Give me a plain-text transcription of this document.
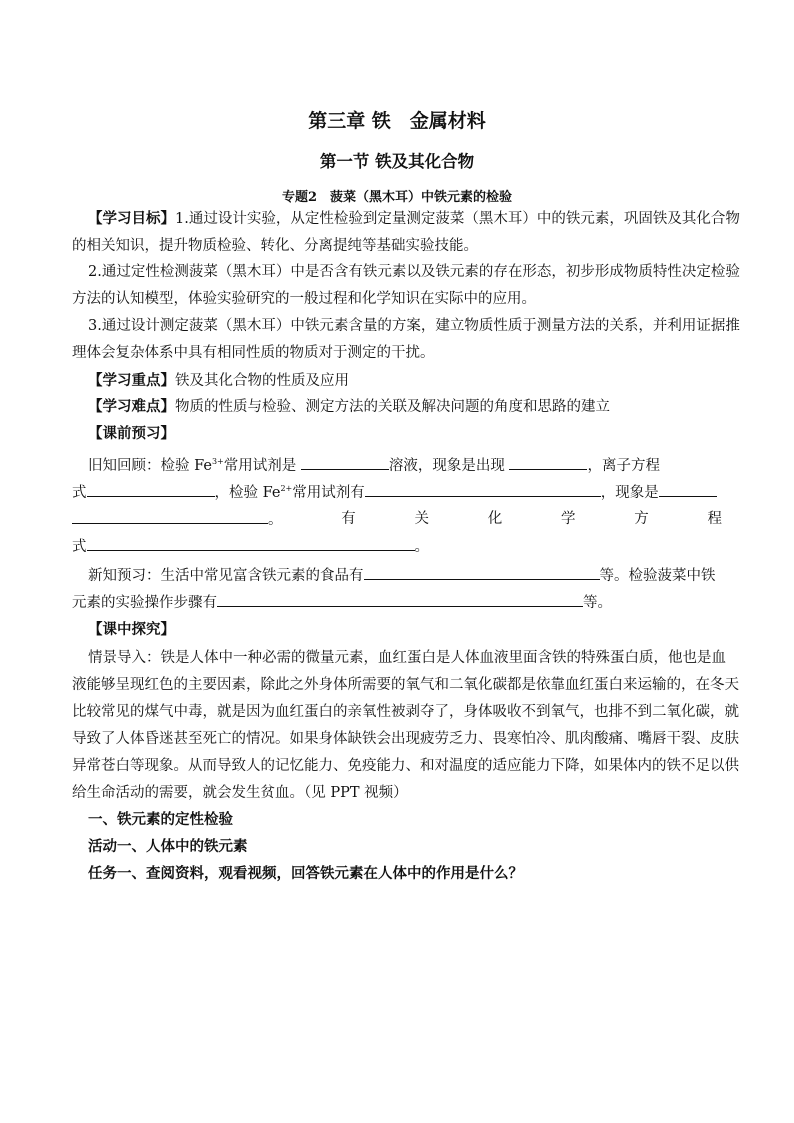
第三章 铁　金属材料
第一节 铁及其化合物
专题2　菠菜（黑木耳）中铁元素的检验
【学习目标】1.通过设计实验，从定性检验到定量测定菠菜（黑木耳）中的铁元素，巩固铁及其化合物
的相关知识，提升物质检验、转化、分离提纯等基础实验技能。
2.通过定性检测菠菜（黑木耳）中是否含有铁元素以及铁元素的存在形态，初步形成物质特性决定检验
方法的认知模型，体验实验研究的一般过程和化学知识在实际中的应用。
3.通过设计测定菠菜（黑木耳）中铁元素含量的方案，建立物质性质于测量方法的关系，并利用证据推
理体会复杂体系中具有相同性质的物质对于测定的干扰。
【学习重点】铁及其化合物的性质及应用
【学习难点】物质的性质与检验、测定方法的关联及解决问题的角度和思路的建立
【课前预习】
旧知回顾：检验 $Fe^{3+}$常用试剂是	溶液，现象是出现	，离子方程
式	，检验 $Fe^{2+}$常用试剂有	，现象是
。	有	关	化	学	方	程
式	。
新知预习：生活中常见富含铁元素的食品有	等。检验菠菜中铁
元素的实验操作步骤有	等。
【课中探究】
情景导入：铁是人体中一种必需的微量元素，血红蛋白是人体血液里面含铁的特殊蛋白质，他也是血
液能够呈现红色的主要因素，除此之外身体所需要的氧气和二氧化碳都是依靠血红蛋白来运输的，在冬天
比较常见的煤气中毒，就是因为血红蛋白的亲氧性被剥夺了，身体吸收不到氧气，也排不到二氧化碳，就
导致了人体昏迷甚至死亡的情况。如果身体缺铁会出现疲劳乏力、畏寒怕冷、肌肉酸痛、嘴唇干裂、皮肤
异常苍白等现象。从而导致人的记忆能力、免疫能力、和对温度的适应能力下降，如果体内的铁不足以供
给生命活动的需要，就会发生贫血。（见 PPT 视频）
一、铁元素的定性检验
活动一、人体中的铁元素
任务一、查阅资料，观看视频，回答铁元素在人体中的作用是什么？
